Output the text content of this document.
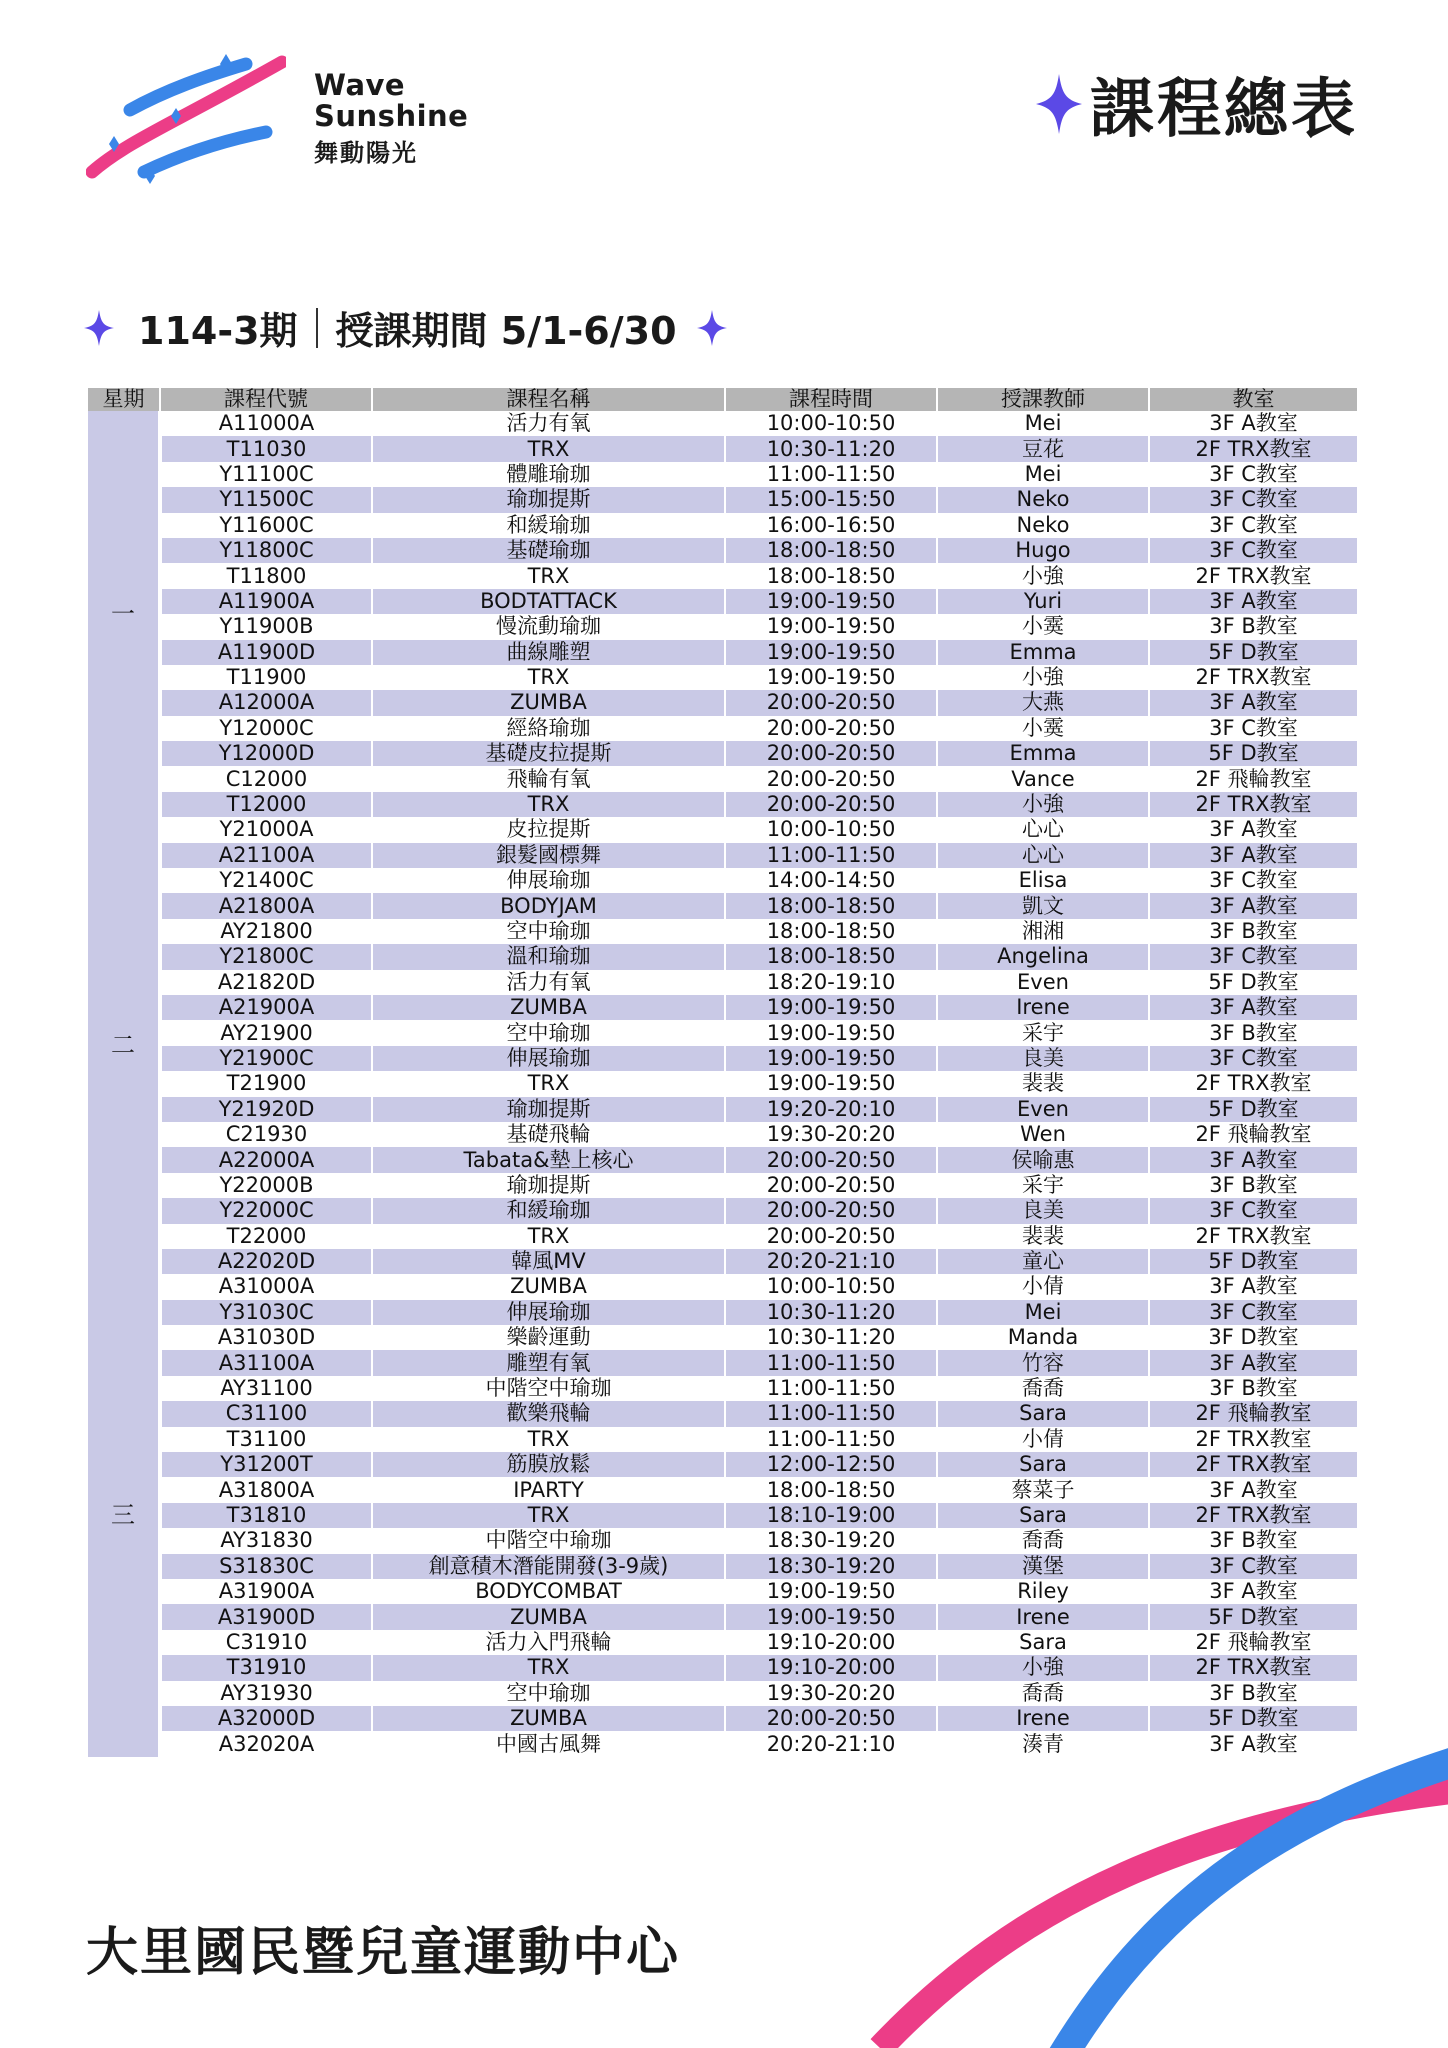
Wave
Sunshine
舞動陽光
課程總表
114-3期 授課期間 5/1-6/30
星期	課程代號	課程名稱	課程時間	授課教師	教室
一	A11000A	活力有氧	10:00-10:50	Mei	3F A教室
	T11030	TRX	10:30-11:20	豆花	2F TRX教室
	Y11100C	體雕瑜珈	11:00-11:50	Mei	3F C教室
	Y11500C	瑜珈提斯	15:00-15:50	Neko	3F C教室
	Y11600C	和緩瑜珈	16:00-16:50	Neko	3F C教室
	Y11800C	基礎瑜珈	18:00-18:50	Hugo	3F C教室
	T11800	TRX	18:00-18:50	小強	2F TRX教室
	A11900A	BODTATTACK	19:00-19:50	Yuri	3F A教室
	Y11900B	慢流動瑜珈	19:00-19:50	小霙	3F B教室
	A11900D	曲線雕塑	19:00-19:50	Emma	5F D教室
	T11900	TRX	19:00-19:50	小強	2F TRX教室
	A12000A	ZUMBA	20:00-20:50	大燕	3F A教室
	Y12000C	經絡瑜珈	20:00-20:50	小霙	3F C教室
	Y12000D	基礎皮拉提斯	20:00-20:50	Emma	5F D教室
	C12000	飛輪有氧	20:00-20:50	Vance	2F 飛輪教室
	T12000	TRX	20:00-20:50	小強	2F TRX教室
二	Y21000A	皮拉提斯	10:00-10:50	心心	3F A教室
	A21100A	銀髮國標舞	11:00-11:50	心心	3F A教室
	Y21400C	伸展瑜珈	14:00-14:50	Elisa	3F C教室
	A21800A	BODYJAM	18:00-18:50	凱文	3F A教室
	AY21800	空中瑜珈	18:00-18:50	湘湘	3F B教室
	Y21800C	溫和瑜珈	18:00-18:50	Angelina	3F C教室
	A21820D	活力有氧	18:20-19:10	Even	5F D教室
	A21900A	ZUMBA	19:00-19:50	Irene	3F A教室
	AY21900	空中瑜珈	19:00-19:50	采宇	3F B教室
	Y21900C	伸展瑜珈	19:00-19:50	良美	3F C教室
	T21900	TRX	19:00-19:50	裴裴	2F TRX教室
	Y21920D	瑜珈提斯	19:20-20:10	Even	5F D教室
	C21930	基礎飛輪	19:30-20:20	Wen	2F 飛輪教室
	A22000A	Tabata&墊上核心	20:00-20:50	侯喻惠	3F A教室
	Y22000B	瑜珈提斯	20:00-20:50	采宇	3F B教室
	Y22000C	和緩瑜珈	20:00-20:50	良美	3F C教室
	T22000	TRX	20:00-20:50	裴裴	2F TRX教室
	A22020D	韓風MV	20:20-21:10	童心	5F D教室
三	A31000A	ZUMBA	10:00-10:50	小倩	3F A教室
	Y31030C	伸展瑜珈	10:30-11:20	Mei	3F C教室
	A31030D	樂齡運動	10:30-11:20	Manda	3F D教室
	A31100A	雕塑有氧	11:00-11:50	竹容	3F A教室
	AY31100	中階空中瑜珈	11:00-11:50	喬喬	3F B教室
	C31100	歡樂飛輪	11:00-11:50	Sara	2F 飛輪教室
	T31100	TRX	11:00-11:50	小倩	2F TRX教室
	Y31200T	筋膜放鬆	12:00-12:50	Sara	2F TRX教室
	A31800A	IPARTY	18:00-18:50	蔡菜子	3F A教室
	T31810	TRX	18:10-19:00	Sara	2F TRX教室
	AY31830	中階空中瑜珈	18:30-19:20	喬喬	3F B教室
	S31830C	創意積木潛能開發(3-9歲)	18:30-19:20	漢堡	3F C教室
	A31900A	BODYCOMBAT	19:00-19:50	Riley	3F A教室
	A31900D	ZUMBA	19:00-19:50	Irene	5F D教室
	C31910	活力入門飛輪	19:10-20:00	Sara	2F 飛輪教室
	T31910	TRX	19:10-20:00	小強	2F TRX教室
	AY31930	空中瑜珈	19:30-20:20	喬喬	3F B教室
	A32000D	ZUMBA	20:00-20:50	Irene	5F D教室
	A32020A	中國古風舞	20:20-21:10	湊青	3F A教室
大里國民暨兒童運動中心
